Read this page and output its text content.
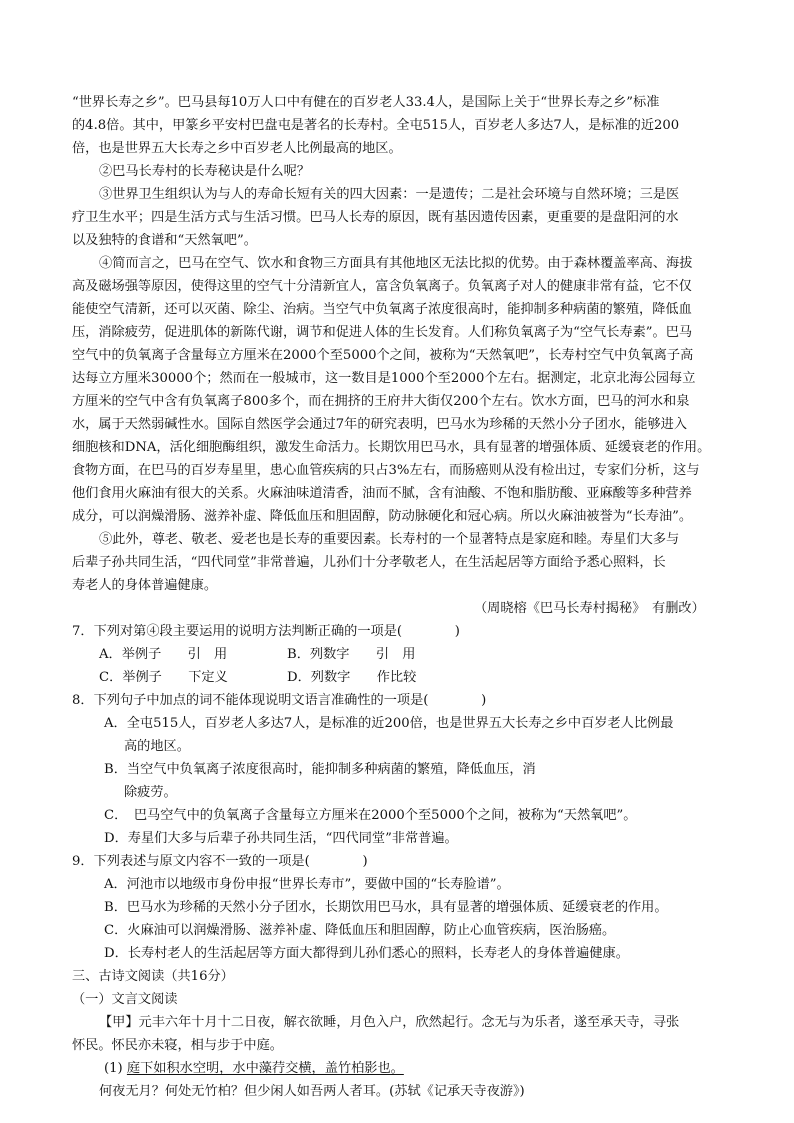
“世界长寿之乡”。巴马县每10万人口中有健在的百岁老人33.4人，是国际上关于“世界长寿之乡”标准
的4.8倍。其中，甲篆乡平安村巴盘屯是著名的长寿村。全屯515人，百岁老人多达7人，是标准的近200
倍，也是世界五大长寿之乡中百岁老人比例最高的地区。
②巴马长寿村的长寿秘诀是什么呢？
③世界卫生组织认为与人的寿命长短有关的四大因素：一是遗传；二是社会环境与自然环境；三是医
疗卫生水平；四是生活方式与生活习惯。巴马人长寿的原因，既有基因遗传因素，更重要的是盘阳河的水
以及独特的食谱和“天然氧吧”。
④简而言之，巴马在空气、饮水和食物三方面具有其他地区无法比拟的优势。由于森林覆盖率高、海拔
高及磁场强等原因，使得这里的空气十分清新宜人，富含负氧离子。负氧离子对人的健康非常有益，它不仅
能使空气清新，还可以灭菌、除尘、治病。当空气中负氧离子浓度很高时，能抑制多种病菌的繁殖，降低血
压，消除疲劳，促进肌体的新陈代谢，调节和促进人体的生长发育。人们称负氧离子为“空气长寿素”。巴马
空气中的负氧离子含量每立方厘米在2000个至5000个之间，被称为“天然氧吧”，长寿村空气中负氧离子高
达每立方厘米30000个；然而在一般城市，这一数目是1000个至2000个左右。据测定，北京北海公园每立
方厘米的空气中含有负氧离子800多个，而在拥挤的王府井大街仅200个左右。饮水方面，巴马的河水和泉
水，属于天然弱碱性水。国际自然医学会通过7年的研究表明，巴马水为珍稀的天然小分子团水，能够进入
细胞核和DNA，活化细胞酶组织，激发生命活力。长期饮用巴马水，具有显著的增强体质、延缓衰老的作用。
食物方面，在巴马的百岁寿星里，患心血管疾病的只占3%左右，而肠癌则从没有检出过，专家们分析，这与
他们食用火麻油有很大的关系。火麻油味道清香，油而不腻，含有油酸、不饱和脂肪酸、亚麻酸等多种营养
成分，可以润燥滑肠、滋养补虚、降低血压和胆固醇，防动脉硬化和冠心病。所以火麻油被誉为“长寿油”。
⑤此外，尊老、敬老、爱老也是长寿的重要因素。长寿村的一个显著特点是家庭和睦。寿星们大多与
后辈子孙共同生活，“四代同堂”非常普遍，儿孙们十分孝敬老人，在生活起居等方面给予悉心照料，长
寿老人的身体普遍健康。
（周晓榕《巴马长寿村揭秘》　有删改）
7．下列对第④段主要运用的说明方法判断正确的一项是(　　　　)
A．举例子　　引　用	B．列数字　　引　用
C．举例子　　下定义	D．列数字　　作比较
8．下列句子中加点的词不能体现说明文语言准确性的一项是(　　　　)
A．全屯515人，百岁老人多达7人，是标准的近200倍，也是世界五大长寿之乡中百岁老人比例最
高的地区。
B．当空气中负氧离子浓度很高时，能抑制多种病菌的繁殖，降低血压，消
除疲劳。
C．　巴马空气中的负氧离子含量每立方厘米在2000个至5000个之间，被称为“天然氧吧”。
D．寿星们大多与后辈子孙共同生活，“四代同堂”非常普遍。
9．下列表述与原文内容不一致的一项是(　　　　)
A．河池市以地级市身份申报“世界长寿市”，要做中国的“长寿脸谱”。
B．巴马水为珍稀的天然小分子团水，长期饮用巴马水，具有显著的增强体质、延缓衰老的作用。
C．火麻油可以润燥滑肠、滋养补虚、降低血压和胆固醇，防止心血管疾病，医治肠癌。
D．长寿村老人的生活起居等方面大都得到儿孙们悉心的照料，长寿老人的身体普遍健康。
三、古诗文阅读（共16分）
（一）文言文阅读
【甲】元丰六年十月十二日夜，解衣欲睡，月色入户，欣然起行。念无与为乐者，遂至承天寺，寻张
怀民。怀民亦未寝，相与步于中庭。
(1) 庭下如积水空明，水中藻荇交横，盖竹柏影也。
何夜无月？何处无竹柏？但少闲人如吾两人者耳。(苏轼《记承天寺夜游》)
